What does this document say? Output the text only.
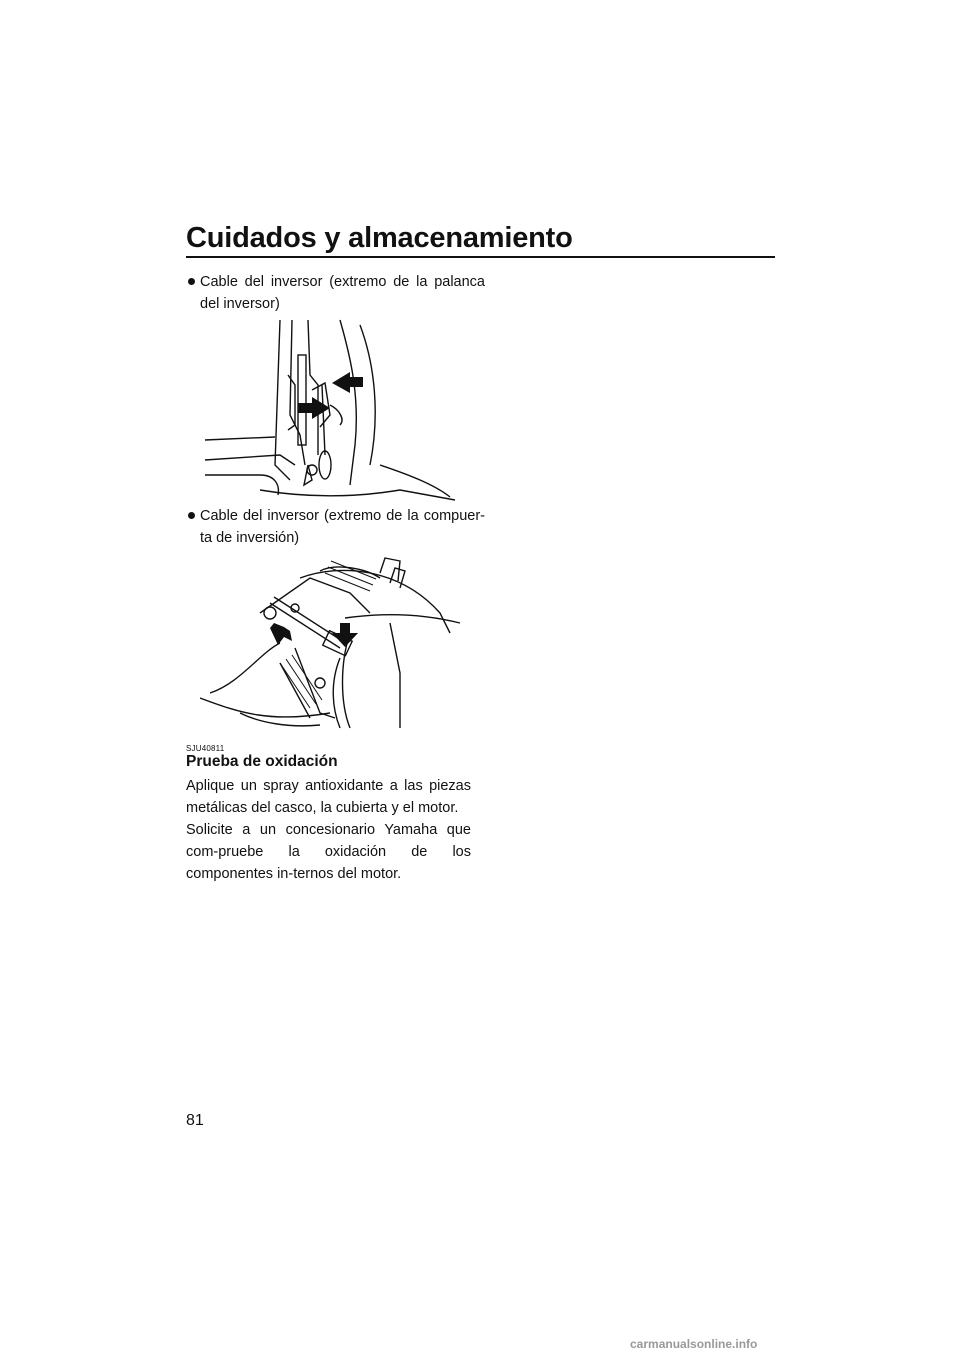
Cuidados y almacenamiento
Cable del inversor (extremo de la palanca del inversor)
Cable del inversor (extremo de la compuer-ta de inversión)
SJU40811
Prueba de oxidación

Aplique un spray antioxidante a las piezas metálicas del casco, la cubierta y el motor.

Solicite a un concesionario Yamaha que com-pruebe la oxidación de los componentes in-ternos del motor.

81
carmanualsonline.info
